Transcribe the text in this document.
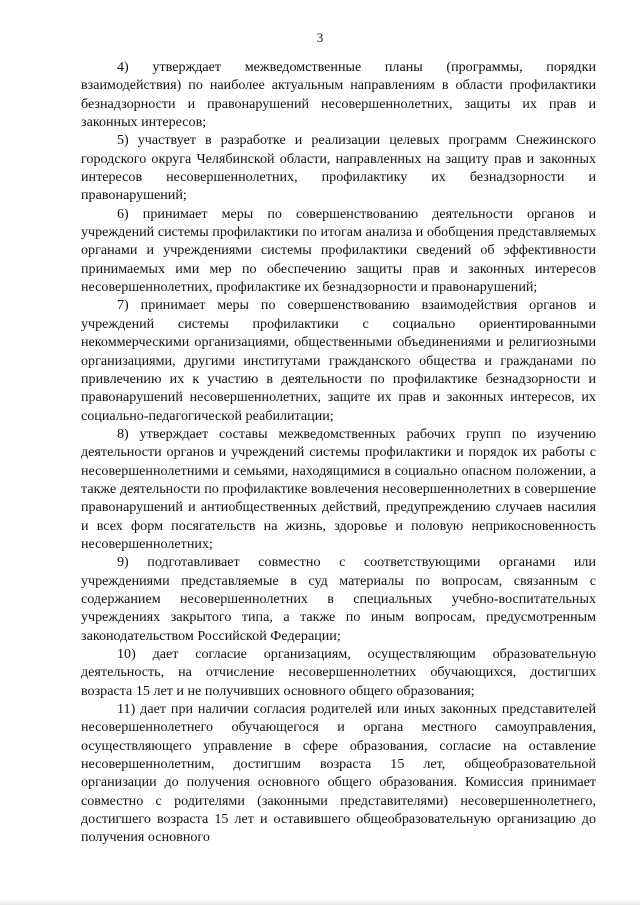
3

4) утверждает межведомственные планы (программы, порядки взаимодействия) по наиболее актуальным направлениям в области профилактики безнадзорности и правонарушений несовершеннолетних, защиты их прав и законных интересов;

5) участвует в разработке и реализации целевых программ Снежинского городского округа Челябинской области, направленных на защиту прав и законных интересов несовершеннолетних, профилактику их безнадзорности и правонарушений;

6) принимает меры по совершенствованию деятельности органов и учреждений системы профилактики по итогам анализа и обобщения представляемых органами и учреждениями системы профилактики сведений об эффективности принимаемых ими мер по обеспечению защиты прав и законных интересов несовершеннолетних, профилактике их безнадзорности и правонарушений;

7) принимает меры по совершенствованию взаимодействия органов и учреждений системы профилактики с социально ориентированными некоммерческими организациями, общественными объединениями и религиозными организациями, другими институтами гражданского общества и гражданами по привлечению их к участию в деятельности по профилактике безнадзорности и правонарушений несовершеннолетних, защите их прав и законных интересов, их социально-педагогической реабилитации;

8) утверждает составы межведомственных рабочих групп по изучению деятельности органов и учреждений системы профилактики и порядок их работы с несовершеннолетними и семьями, находящимися в социально опасном положении, а также деятельности по профилактике вовлечения несовершеннолетних в совершение правонарушений и антиобщественных действий, предупреждению случаев насилия и всех форм посягательств на жизнь, здоровье и половую неприкосновенность несовершеннолетних;

9) подготавливает совместно с соответствующими органами или учреждениями представляемые в суд материалы по вопросам, связанным с содержанием несовершеннолетних в специальных учебно-воспитательных учреждениях закрытого типа, а также по иным вопросам, предусмотренным законодательством Российской Федерации;

10) дает согласие организациям, осуществляющим образовательную деятельность, на отчисление несовершеннолетних обучающихся, достигших возраста 15 лет и не получивших основного общего образования;

11) дает при наличии согласия родителей или иных законных представителей несовершеннолетнего обучающегося и органа местного самоуправления, осуществляющего управление в сфере образования, согласие на оставление несовершеннолетним, достигшим возраста 15 лет, общеобразовательной организации до получения основного общего образования. Комиссия принимает совместно с родителями (законными представителями) несовершеннолетнего, достигшего возраста 15 лет и оставившего общеобразовательную организацию до получения основного
